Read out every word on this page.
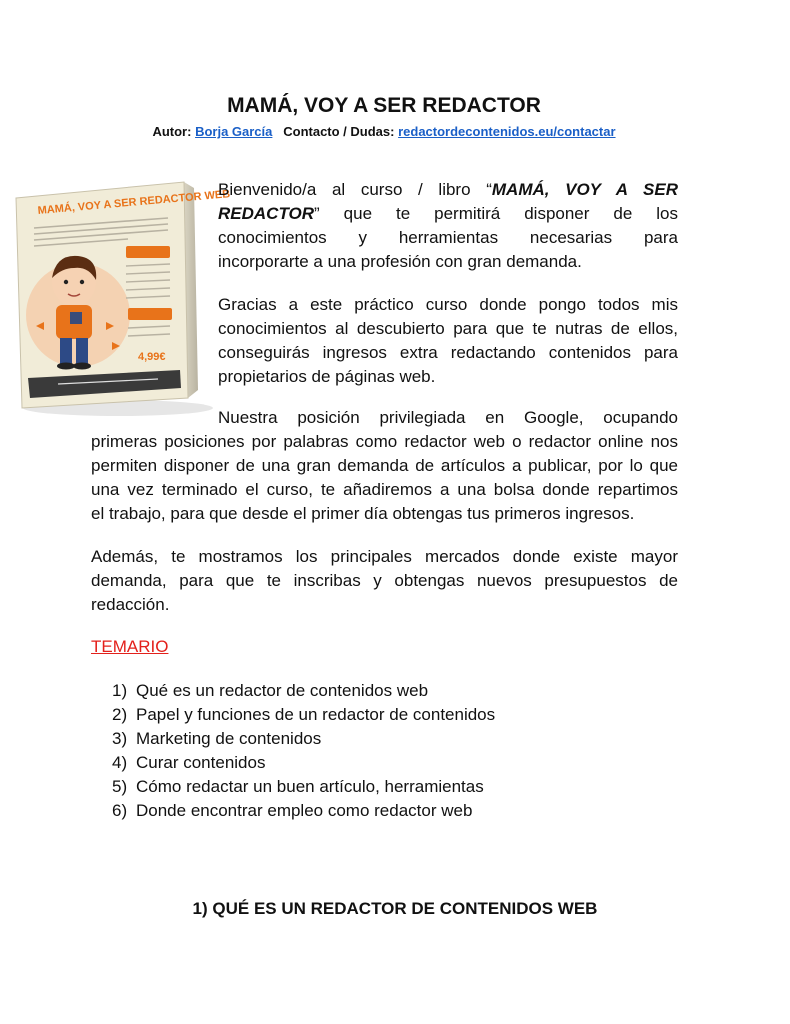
MAMÁ, VOY A SER REDACTOR
Autor: Borja García Contacto / Dudas: redactordecontenidos.eu/contactar
MAMÁ, VOY A SER REDACTOR WEB
4,99€

Bienvenido/a al curso / libro “MAMÁ, VOY A SER
REDACTOR” que te permitirá disponer de los
conocimientos y herramientas necesarias para
incorporarte a una profesión con gran demanda.

Gracias a este práctico curso donde pongo todos mis
conocimientos al descubierto para que te nutras de ellos,
conseguirás ingresos extra redactando contenidos para
propietarios de páginas web.

Nuestra posición privilegiada en Google, ocupando
primeras posiciones por palabras como redactor web o redactor online nos
permiten disponer de una gran demanda de artículos a publicar, por lo que
una vez terminado el curso, te añadiremos a una bolsa donde repartimos
el trabajo, para que desde el primer día obtengas tus primeros ingresos.

Además, te mostramos los principales mercados donde existe mayor
demanda, para que te inscribas y obtengas nuevos presupuestos de
redacción.

TEMARIO
1) Qué es un redactor de contenidos web
2) Papel y funciones de un redactor de contenidos
3) Marketing de contenidos
4) Curar contenidos
5) Cómo redactar un buen artículo, herramientas
6) Donde encontrar empleo como redactor web
1) QUÉ ES UN REDACTOR DE CONTENIDOS WEB
